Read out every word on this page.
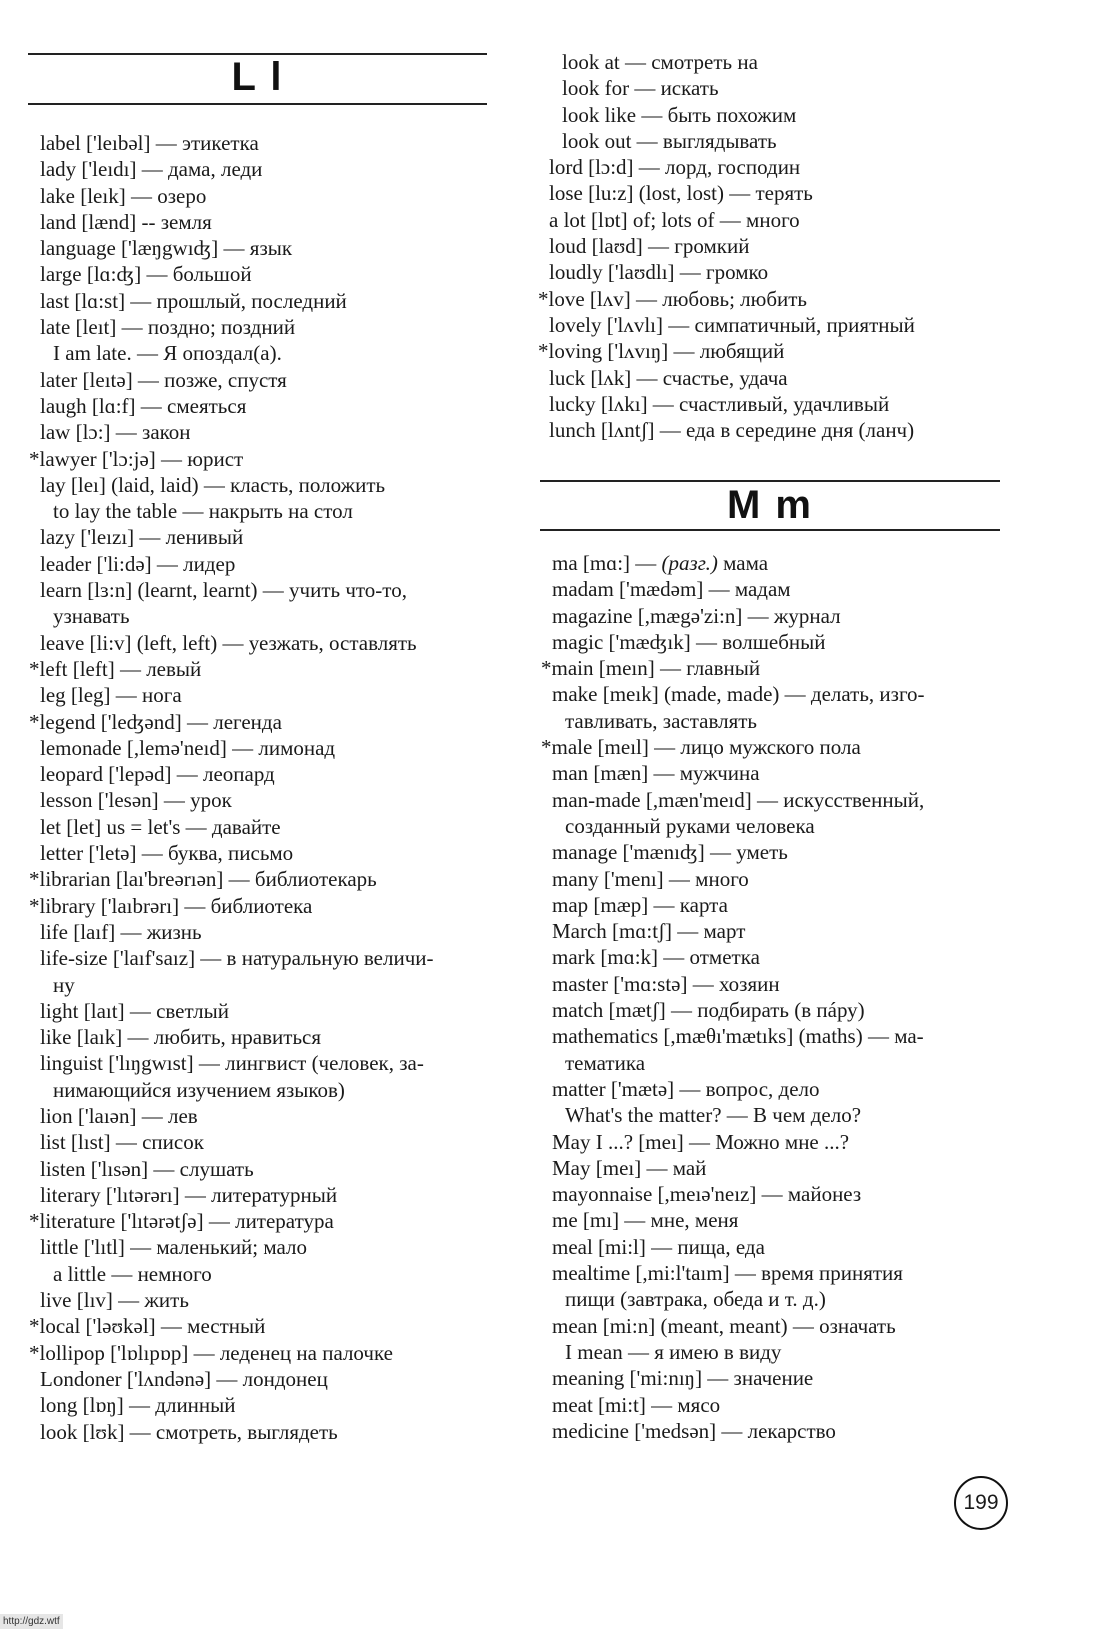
L l
label ['leıbəl] — этикетка
lady ['leıdı] — дама, леди
lake [leık] — озеро
land [lænd] -- земля
language ['læŋgwıʤ] — язык
large [lɑ:ʤ] — большой
last [lɑ:st] — прошлый, последний
late [leıt] — поздно; поздний
I am late. — Я опоздал(а).
later [leıtə] — позже, спустя
laugh [lɑ:f] — смеяться
law [lɔ:] — закон
*lawyer ['lɔ:jə] — юрист
lay [leı] (laid, laid) — класть, положить
to lay the table — накрыть на стол
lazy ['leızı] — ленивый
leader ['li:də] — лидер
learn [lɜ:n] (learnt, learnt) — учить что-то,
узнавать
leave [li:v] (left, left) — уезжать, оставлять
*left [left] — левый
leg [leg] — нога
*legend ['leʤənd] — легенда
lemonade [,lemə'neıd] — лимонад
leopard ['lepəd] — леопард
lesson ['lesən] — урок
let [let] us = let's — давайте
letter ['letə] — буква, письмо
*librarian [laı'breərıən] — библиотекарь
*library ['laıbrərı] — библиотека
life [laıf] — жизнь
life-size ['laıf'saız] — в натуральную величи-
ну
light [laıt] — светлый
like [laık] — любить, нравиться
linguist ['lıŋgwıst] — лингвист (человек, за-
нимающийся изучением языков)
lion ['laıən] — лев
list [lıst] — список
listen ['lısən] — слушать
literary ['lıtərərı] — литературный
*literature ['lıtərətʃə] — литература
little ['lıtl] — маленький; мало
a little — немного
live [lıv] — жить
*local ['ləʊkəl] — местный
*lollipop ['lɒlıpɒp] — леденец на палочке
Londoner ['lʌndənə] — лондонец
long [lɒŋ] — длинный
look [lʊk] — смотреть, выглядеть
look at — смотреть на
look for — искать
look like — быть похожим
look out — выглядывать
lord [lɔ:d] — лорд, господин
lose [lu:z] (lost, lost) — терять
a lot [lɒt] of; lots of — много
loud [laʊd] — громкий
loudly ['laʊdlı] — громко
*love [lʌv] — любовь; любить
lovely ['lʌvlı] — симпатичный, приятный
*loving ['lʌvıŋ] — любящий
luck [lʌk] — счастье, удача
lucky [lʌkı] — счастливый, удачливый
lunch [lʌntʃ] — еда в середине дня (ланч)
M m
ma [mɑ:] — (разг.) мама
madam ['mædəm] — мадам
magazine [,mægə'zi:n] — журнал
magic ['mæʤık] — волшебный
*main [meın] — главный
make [meık] (made, made) — делать, изго-
тавливать, заставлять
*male [meıl] — лицо мужского пола
man [mæn] — мужчина
man-made [,mæn'meıd] — искусственный,
созданный руками человека
manage ['mænıʤ] — уметь
many ['menı] — много
map [mæp] — карта
March [mɑ:tʃ] — март
mark [mɑ:k] — отметка
master ['mɑ:stə] — хозяин
match [mætʃ] — подбирать (в пáру)
mathematics [,mæθı'mætıks] (maths) — ма-
тематика
matter ['mætə] — вопрос, дело
What's the matter? — В чем дело?
May I ...? [meı] — Можно мне ...?
May [meı] — май
mayonnaise [,meıə'neız] — майонез
me [mı] — мне, меня
meal [mi:l] — пища, еда
mealtime [,mi:l'taım] — время принятия
пищи (завтрака, обеда и т. д.)
mean [mi:n] (meant, meant) — означать
I mean — я имею в виду
meaning ['mi:nıŋ] — значение
meat [mi:t] — мясо
medicine ['medsən] — лекарство
199
http://gdz.wtf
